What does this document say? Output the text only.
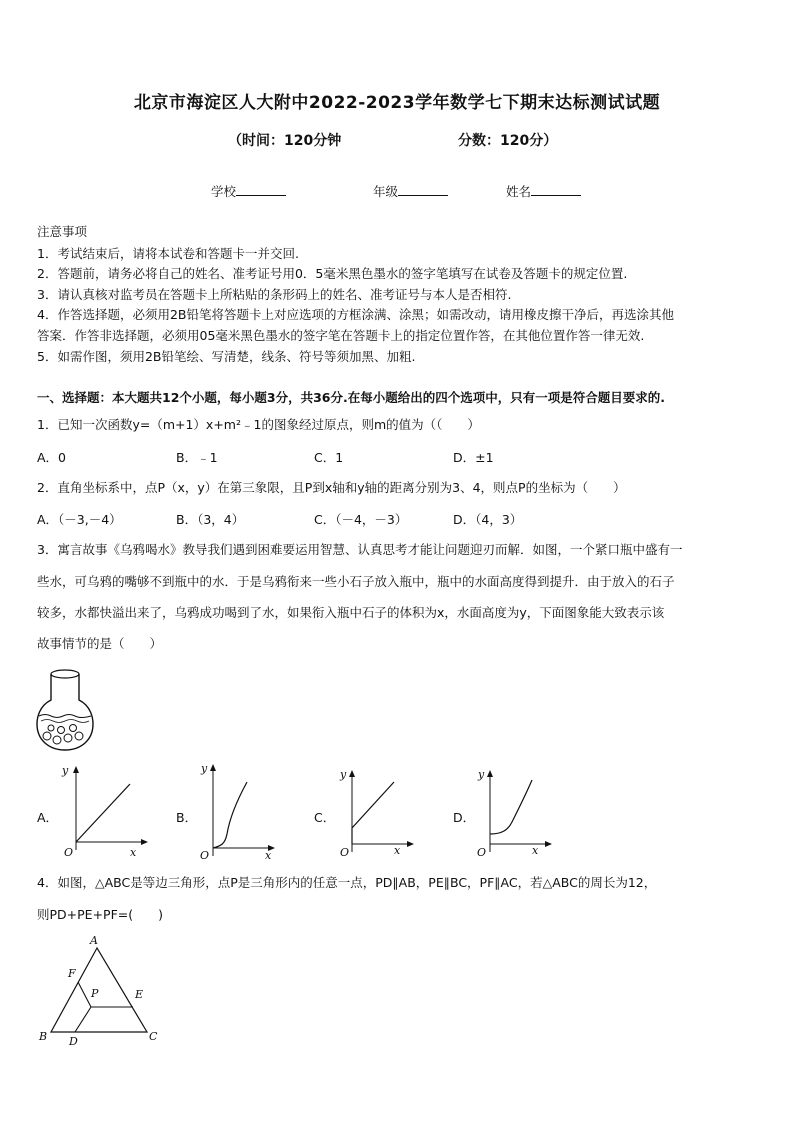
北京市海淀区人大附中2022-2023学年数学七下期末达标测试试题
（时间：120分钟	分数：120分）
学校	年级	姓名
注意事项
1．考试结束后，请将本试卷和答题卡一并交回.
2．答题前，请务必将自己的姓名、准考证号用0．5毫米黑色墨水的签字笔填写在试卷及答题卡的规定位置.
3．请认真核对监考员在答题卡上所粘贴的条形码上的姓名、准考证号与本人是否相符.
4．作答选择题，必须用2B铅笔将答题卡上对应选项的方框涂满、涂黑；如需改动，请用橡皮擦干净后，再选涂其他
答案．作答非选择题，必须用05毫米黑色墨水的签字笔在答题卡上的指定位置作答，在其他位置作答一律无效.
5．如需作图，须用2B铅笔绘、写清楚，线条、符号等须加黑、加粗.
一、选择题：本大题共12个小题，每小题3分，共36分.在每小题给出的四个选项中，只有一项是符合题目要求的.
1．已知一次函数y=（m+1）x+m²﹣1的图象经过原点，则m的值为（（　　）
A．0	B．﹣1	C．1	D．±1
2．直角坐标系中，点P（x，y）在第三象限，且P到x轴和y轴的距离分别为3、4，则点P的坐标为（　　）
A．（－3,－4）	B．（3，4）	C．（－4，－3）	D．（4，3）
3．寓言故事《乌鸦喝水》教导我们遇到困难要运用智慧、认真思考才能让问题迎刃而解．如图，一个紧口瓶中盛有一
些水，可乌鸦的嘴够不到瓶中的水．于是乌鸦衔来一些小石子放入瓶中，瓶中的水面高度得到提升．由于放入的石子
较多，水都快溢出来了，乌鸦成功喝到了水，如果衔入瓶中石子的体积为x，水面高度为y，下面图象能大致表示该
故事情节的是（　　）
A．
y
O	x
B．
y
O	x
C．
y
O	x
D．
y
O	x
4．如图，△ABC是等边三角形，点P是三角形内的任意一点，PD∥AB，PE∥BC，PF∥AC，若△ABC的周长为12，
则PD+PE+PF=(　　)
A
B	C
D
E
F
P
